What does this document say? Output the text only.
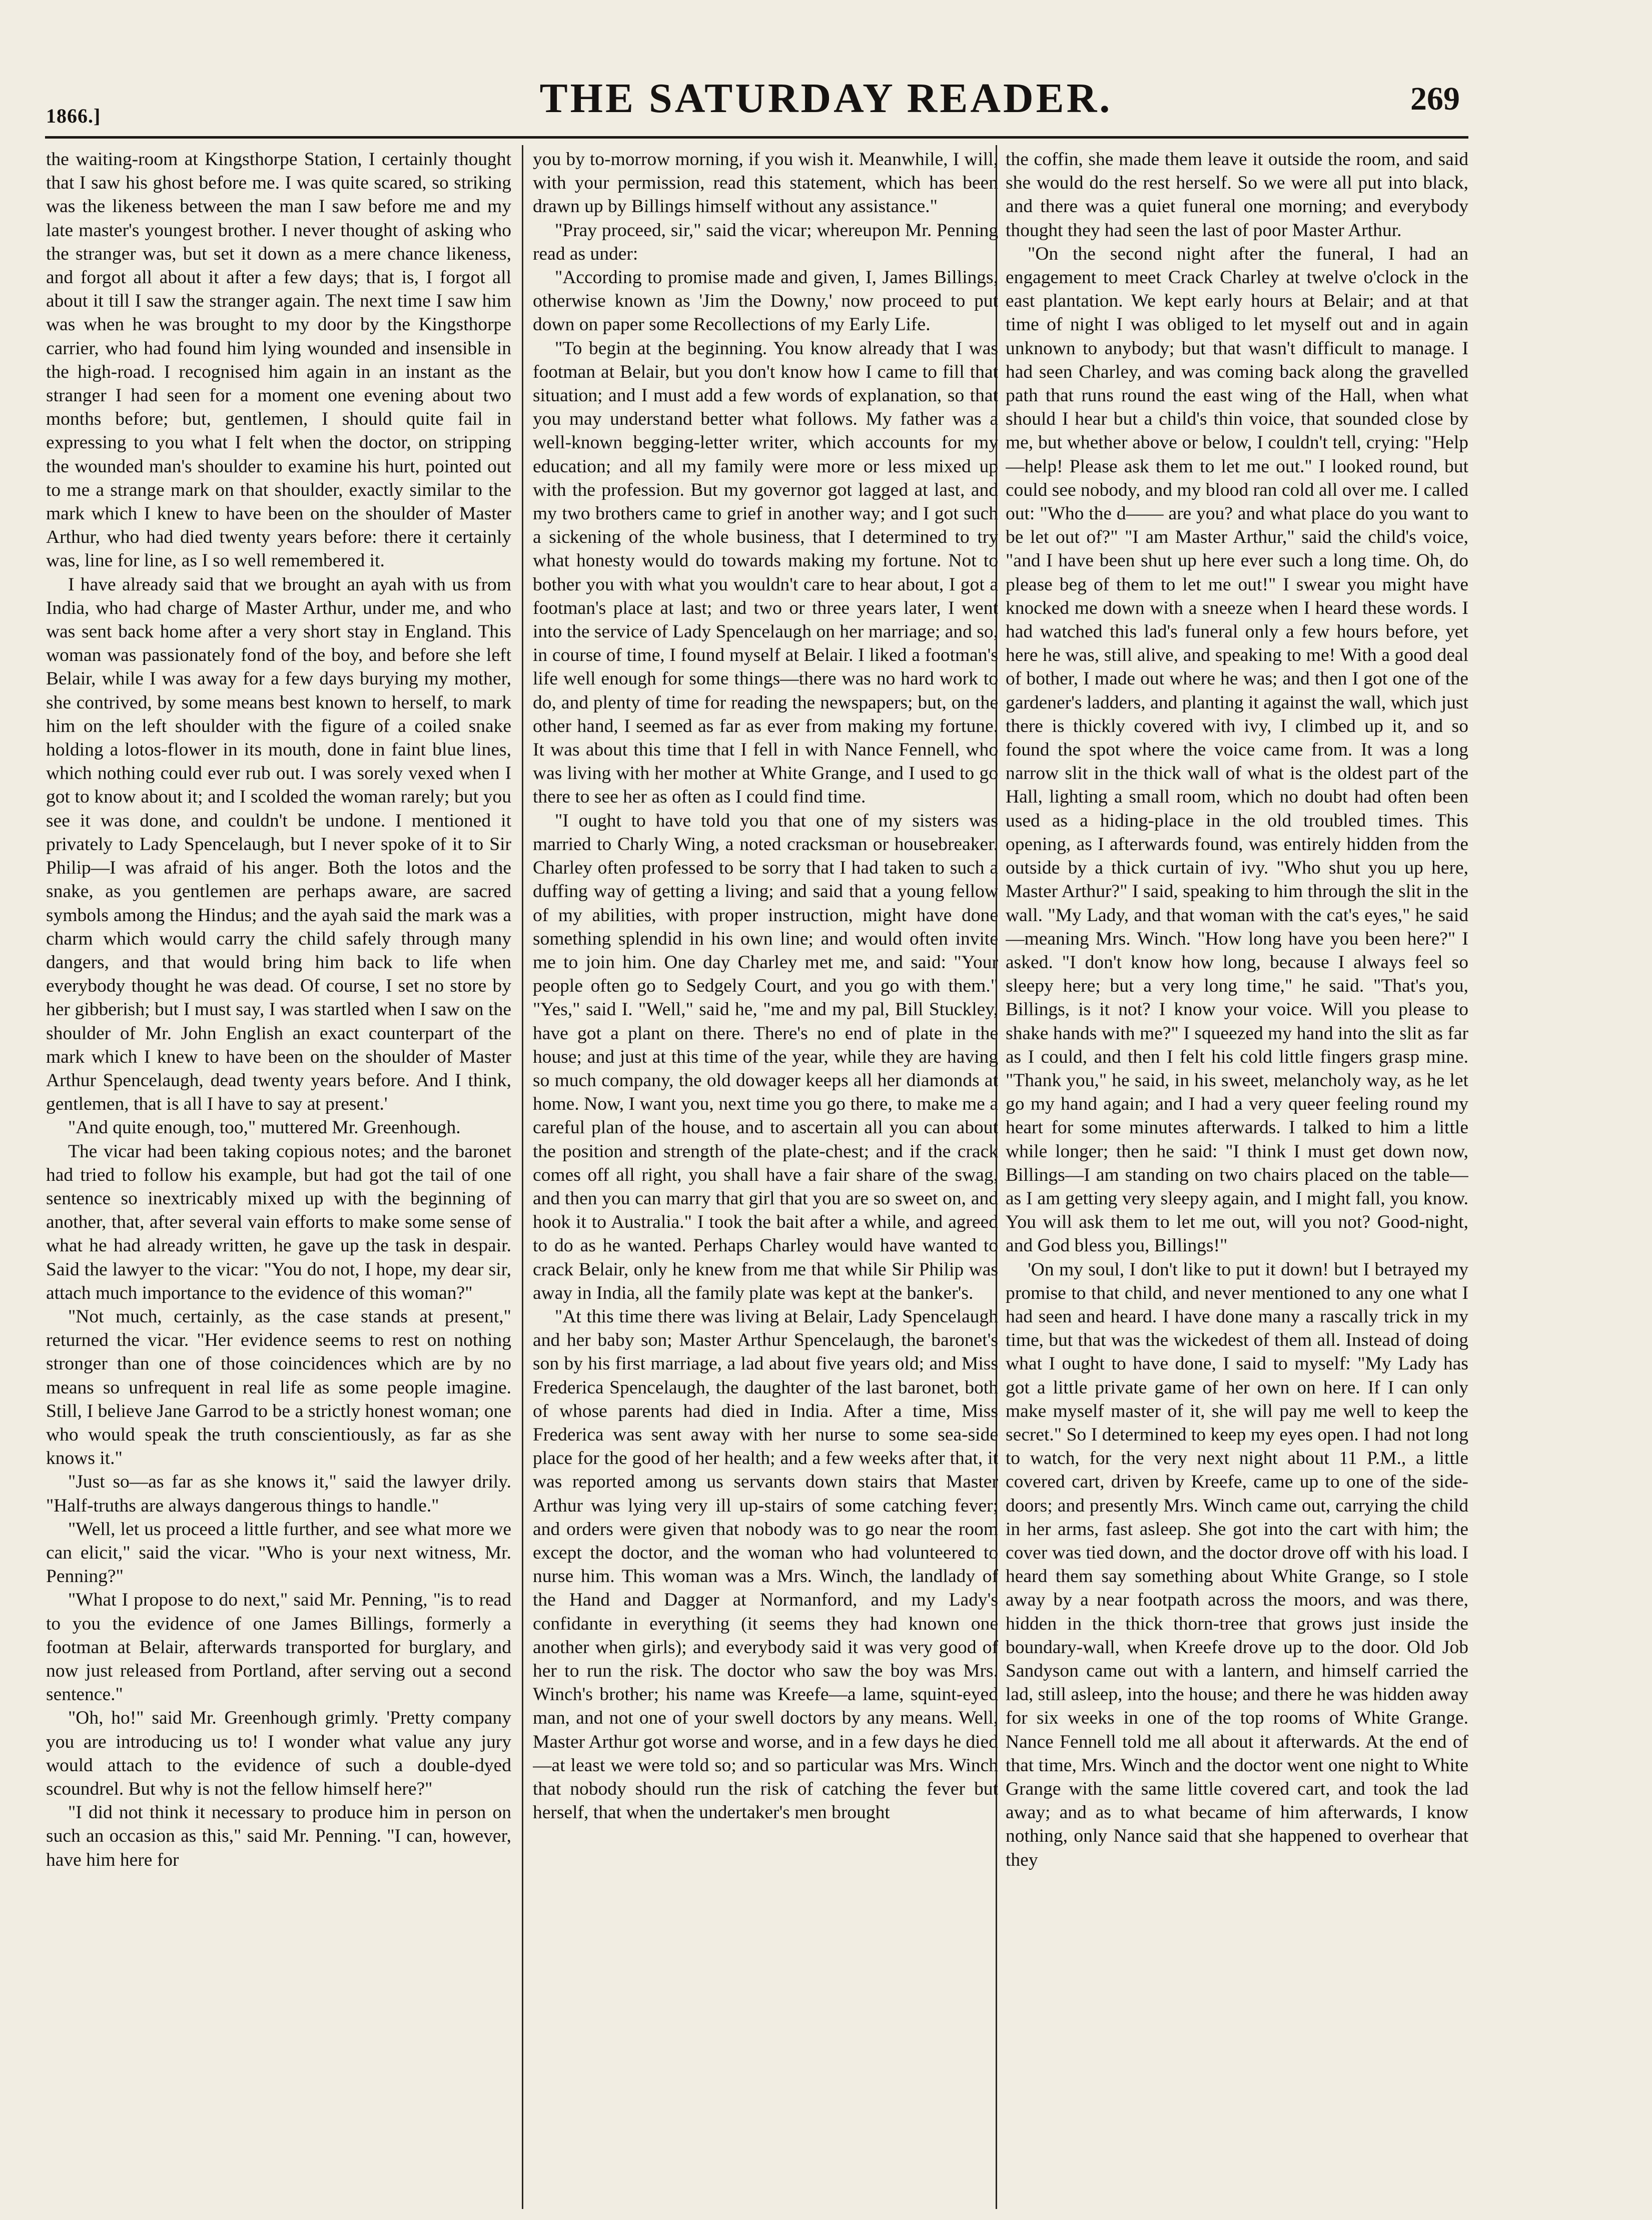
1866.]	THE SATURDAY READER.	269

the waiting-room at Kingsthorpe Station, I certainly thought that I saw his ghost before me. I was quite scared, so striking was the likeness between the man I saw before me and my late master's youngest brother. I never thought of asking who the stranger was, but set it down as a mere chance likeness, and forgot all about it after a few days; that is, I forgot all about it till I saw the stranger again. The next time I saw him was when he was brought to my door by the Kingsthorpe carrier, who had found him lying wounded and insensible in the high-road. I recognised him again in an instant as the stranger I had seen for a moment one evening about two months before; but, gentlemen, I should quite fail in expressing to you what I felt when the doctor, on stripping the wounded man's shoulder to examine his hurt, pointed out to me a strange mark on that shoulder, exactly similar to the mark which I knew to have been on the shoulder of Master Arthur, who had died twenty years before: there it certainly was, line for line, as I so well remembered it.

I have already said that we brought an ayah with us from India, who had charge of Master Arthur, under me, and who was sent back home after a very short stay in England. This woman was passionately fond of the boy, and before she left Belair, while I was away for a few days burying my mother, she contrived, by some means best known to herself, to mark him on the left shoulder with the figure of a coiled snake holding a lotos-flower in its mouth, done in faint blue lines, which nothing could ever rub out. I was sorely vexed when I got to know about it; and I scolded the woman rarely; but you see it was done, and couldn't be undone. I mentioned it privately to Lady Spencelaugh, but I never spoke of it to Sir Philip—I was afraid of his anger. Both the lotos and the snake, as you gentlemen are perhaps aware, are sacred symbols among the Hindus; and the ayah said the mark was a charm which would carry the child safely through many dangers, and that would bring him back to life when everybody thought he was dead. Of course, I set no store by her gibberish; but I must say, I was startled when I saw on the shoulder of Mr. John English an exact counterpart of the mark which I knew to have been on the shoulder of Master Arthur Spencelaugh, dead twenty years before. And I think, gentlemen, that is all I have to say at present.'

"And quite enough, too," muttered Mr. Greenhough.

The vicar had been taking copious notes; and the baronet had tried to follow his example, but had got the tail of one sentence so inextricably mixed up with the beginning of another, that, after several vain efforts to make some sense of what he had already written, he gave up the task in despair. Said the lawyer to the vicar: "You do not, I hope, my dear sir, attach much importance to the evidence of this woman?"

"Not much, certainly, as the case stands at present," returned the vicar. "Her evidence seems to rest on nothing stronger than one of those coincidences which are by no means so unfrequent in real life as some people imagine. Still, I believe Jane Garrod to be a strictly honest woman; one who would speak the truth conscientiously, as far as she knows it."

"Just so—as far as she knows it," said the lawyer drily. "Half-truths are always dangerous things to handle."

"Well, let us proceed a little further, and see what more we can elicit," said the vicar. "Who is your next witness, Mr. Penning?"

"What I propose to do next," said Mr. Penning, "is to read to you the evidence of one James Billings, formerly a footman at Belair, afterwards transported for burglary, and now just released from Portland, after serving out a second sentence."

"Oh, ho!" said Mr. Greenhough grimly. 'Pretty company you are introducing us to! I wonder what value any jury would attach to the evidence of such a double-dyed scoundrel. But why is not the fellow himself here?"

"I did not think it necessary to produce him in person on such an occasion as this," said Mr. Penning. "I can, however, have him here for

you by to-morrow morning, if you wish it. Meanwhile, I will, with your permission, read this statement, which has been drawn up by Billings himself without any assistance."

"Pray proceed, sir," said the vicar; whereupon Mr. Penning read as under:

"According to promise made and given, I, James Billings, otherwise known as 'Jim the Downy,' now proceed to put down on paper some Recollections of my Early Life.

"To begin at the beginning. You know already that I was footman at Belair, but you don't know how I came to fill that situation; and I must add a few words of explanation, so that you may understand better what follows. My father was a well-known begging-letter writer, which accounts for my education; and all my family were more or less mixed up with the profession. But my governor got lagged at last, and my two brothers came to grief in another way; and I got such a sickening of the whole business, that I determined to try what honesty would do towards making my fortune. Not to bother you with what you wouldn't care to hear about, I got a footman's place at last; and two or three years later, I went into the service of Lady Spencelaugh on her marriage; and so, in course of time, I found myself at Belair. I liked a footman's life well enough for some things—there was no hard work to do, and plenty of time for reading the newspapers; but, on the other hand, I seemed as far as ever from making my fortune. It was about this time that I fell in with Nance Fennell, who was living with her mother at White Grange, and I used to go there to see her as often as I could find time.

"I ought to have told you that one of my sisters was married to Charly Wing, a noted cracksman or housebreaker. Charley often professed to be sorry that I had taken to such a duffing way of getting a living; and said that a young fellow of my abilities, with proper instruction, might have done something splendid in his own line; and would often invite me to join him. One day Charley met me, and said: "Your people often go to Sedgely Court, and you go with them." "Yes," said I. "Well," said he, "me and my pal, Bill Stuckley, have got a plant on there. There's no end of plate in the house; and just at this time of the year, while they are having so much company, the old dowager keeps all her diamonds at home. Now, I want you, next time you go there, to make me a careful plan of the house, and to ascertain all you can about the position and strength of the plate-chest; and if the crack comes off all right, you shall have a fair share of the swag, and then you can marry that girl that you are so sweet on, and hook it to Australia." I took the bait after a while, and agreed to do as he wanted. Perhaps Charley would have wanted to crack Belair, only he knew from me that while Sir Philip was away in India, all the family plate was kept at the banker's.

"At this time there was living at Belair, Lady Spencelaugh and her baby son; Master Arthur Spencelaugh, the baronet's son by his first marriage, a lad about five years old; and Miss Frederica Spencelaugh, the daughter of the last baronet, both of whose parents had died in India. After a time, Miss Frederica was sent away with her nurse to some sea-side place for the good of her health; and a few weeks after that, it was reported among us servants down stairs that Master Arthur was lying very ill up-stairs of some catching fever; and orders were given that nobody was to go near the room except the doctor, and the woman who had volunteered to nurse him. This woman was a Mrs. Winch, the landlady of the Hand and Dagger at Normanford, and my Lady's confidante in everything (it seems they had known one another when girls); and everybody said it was very good of her to run the risk. The doctor who saw the boy was Mrs. Winch's brother; his name was Kreefe—a lame, squint-eyed man, and not one of your swell doctors by any means. Well, Master Arthur got worse and worse, and in a few days he died—at least we were told so; and so particular was Mrs. Winch that nobody should run the risk of catching the fever but herself, that when the undertaker's men brought

the coffin, she made them leave it outside the room, and said she would do the rest herself. So we were all put into black, and there was a quiet funeral one morning; and everybody thought they had seen the last of poor Master Arthur.

"On the second night after the funeral, I had an engagement to meet Crack Charley at twelve o'clock in the east plantation. We kept early hours at Belair; and at that time of night I was obliged to let myself out and in again unknown to anybody; but that wasn't difficult to manage. I had seen Charley, and was coming back along the gravelled path that runs round the east wing of the Hall, when what should I hear but a child's thin voice, that sounded close by me, but whether above or below, I couldn't tell, crying: "Help—help! Please ask them to let me out." I looked round, but could see nobody, and my blood ran cold all over me. I called out: "Who the d—— are you? and what place do you want to be let out of?" "I am Master Arthur," said the child's voice, "and I have been shut up here ever such a long time. Oh, do please beg of them to let me out!" I swear you might have knocked me down with a sneeze when I heard these words. I had watched this lad's funeral only a few hours before, yet here he was, still alive, and speaking to me! With a good deal of bother, I made out where he was; and then I got one of the gardener's ladders, and planting it against the wall, which just there is thickly covered with ivy, I climbed up it, and so found the spot where the voice came from. It was a long narrow slit in the thick wall of what is the oldest part of the Hall, lighting a small room, which no doubt had often been used as a hiding-place in the old troubled times. This opening, as I afterwards found, was entirely hidden from the outside by a thick curtain of ivy. "Who shut you up here, Master Arthur?" I said, speaking to him through the slit in the wall. "My Lady, and that woman with the cat's eyes," he said—meaning Mrs. Winch. "How long have you been here?" I asked. "I don't know how long, because I always feel so sleepy here; but a very long time," he said. "That's you, Billings, is it not? I know your voice. Will you please to shake hands with me?" I squeezed my hand into the slit as far as I could, and then I felt his cold little fingers grasp mine. "Thank you," he said, in his sweet, melancholy way, as he let go my hand again; and I had a very queer feeling round my heart for some minutes afterwards. I talked to him a little while longer; then he said: "I think I must get down now, Billings—I am standing on two chairs placed on the table—as I am getting very sleepy again, and I might fall, you know. You will ask them to let me out, will you not? Good-night, and God bless you, Billings!"

'On my soul, I don't like to put it down! but I betrayed my promise to that child, and never mentioned to any one what I had seen and heard. I have done many a rascally trick in my time, but that was the wickedest of them all. Instead of doing what I ought to have done, I said to myself: "My Lady has got a little private game of her own on here. If I can only make myself master of it, she will pay me well to keep the secret." So I determined to keep my eyes open. I had not long to watch, for the very next night about 11 P.M., a little covered cart, driven by Kreefe, came up to one of the side-doors; and presently Mrs. Winch came out, carrying the child in her arms, fast asleep. She got into the cart with him; the cover was tied down, and the doctor drove off with his load. I heard them say something about White Grange, so I stole away by a near footpath across the moors, and was there, hidden in the thick thorn-tree that grows just inside the boundary-wall, when Kreefe drove up to the door. Old Job Sandyson came out with a lantern, and himself carried the lad, still asleep, into the house; and there he was hidden away for six weeks in one of the top rooms of White Grange. Nance Fennell told me all about it afterwards. At the end of that time, Mrs. Winch and the doctor went one night to White Grange with the same little covered cart, and took the lad away; and as to what became of him afterwards, I know nothing, only Nance said that she happened to overhear that they
